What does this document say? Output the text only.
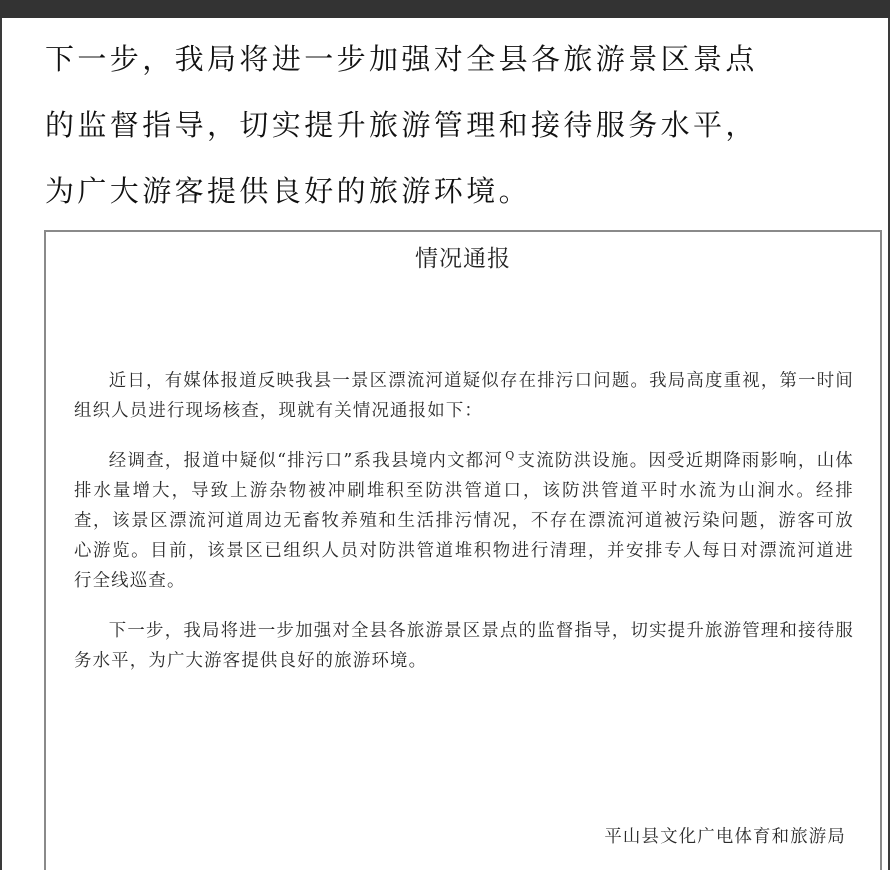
下一步，我局将进一步加强对全县各旅游景区景点
的监督指导，切实提升旅游管理和接待服务水平，
为广大游客提供良好的旅游环境。

情况通报

近日，有媒体报道反映我县一景区漂流河道疑似存在排污口问题。我局高度重视，第一时间组织人员进行现场核查，现就有关情况通报如下：

经调查，报道中疑似“排污口”系我县境内文都河 $^Q$ 支流防洪设施。因受近期降雨影响，山体排水量增大，导致上游杂物被冲刷堆积至防洪管道口，该防洪管道平时水流为山涧水。经排查，该景区漂流河道周边无畜牧养殖和生活排污情况，不存在漂流河道被污染问题，游客可放心游览。目前，该景区已组织人员对防洪管道堆积物进行清理，并安排专人每日对漂流河道进行全线巡查。

下一步，我局将进一步加强对全县各旅游景区景点的监督指导，切实提升旅游管理和接待服务水平，为广大游客提供良好的旅游环境。

平山县文化广电体育和旅游局
